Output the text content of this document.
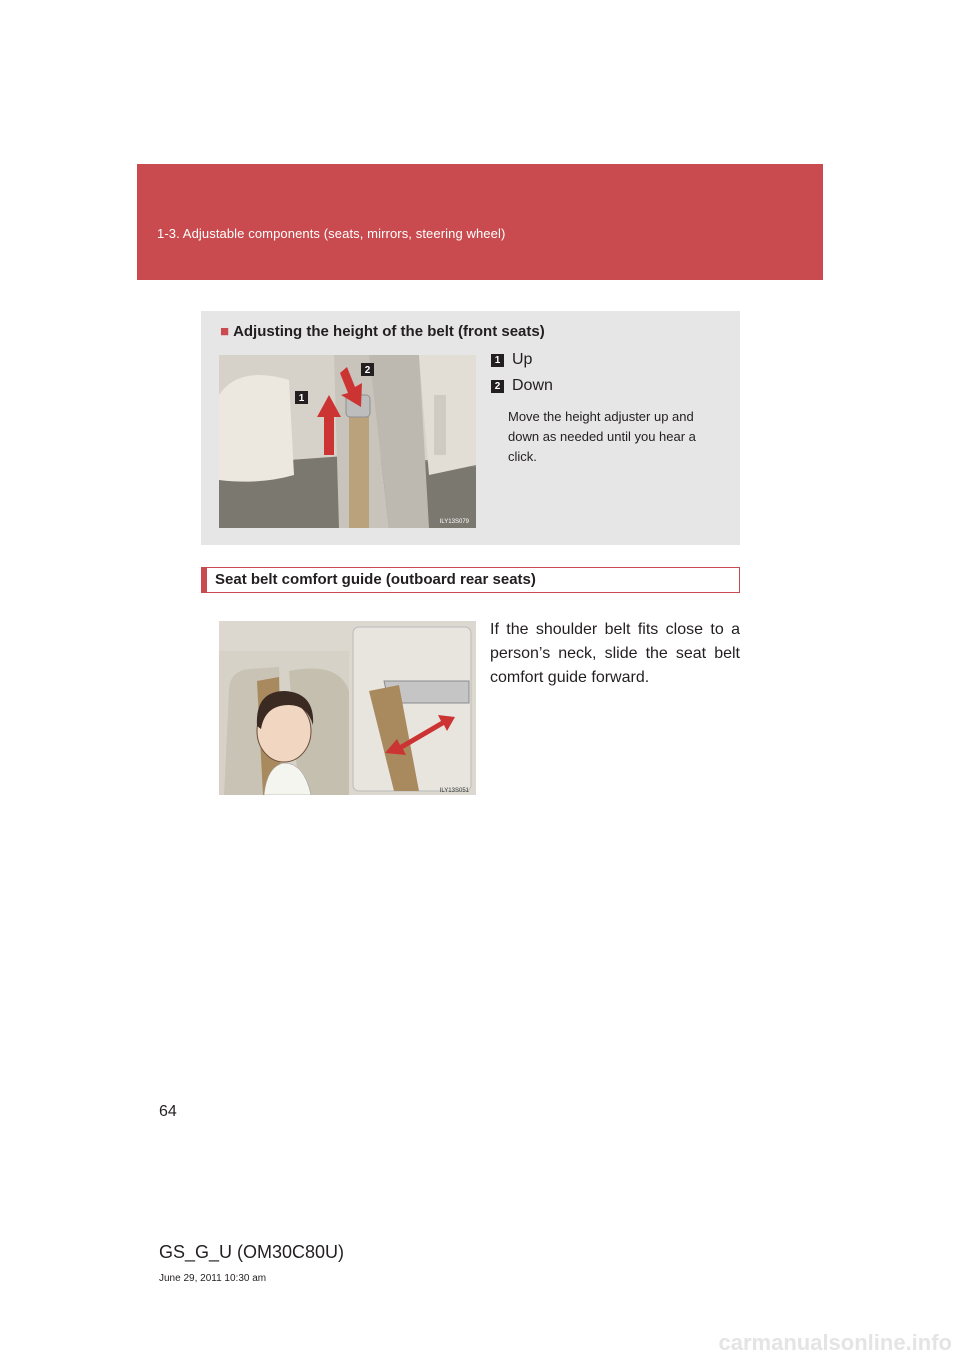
1-3. Adjustable components (seats, mirrors, steering wheel)
■ Adjusting the height of the belt (front seats)
1
2
ILY13S079
1 Up
2 Down
Move the height adjuster up and down as needed until you hear a click.
Seat belt comfort guide (outboard rear seats)
ILY13S051
If the shoulder belt fits close to a person’s neck, slide the seat belt comfort guide forward.
64
GS_G_U (OM30C80U)
June 29, 2011 10:30 am
carmanualsonline.info
